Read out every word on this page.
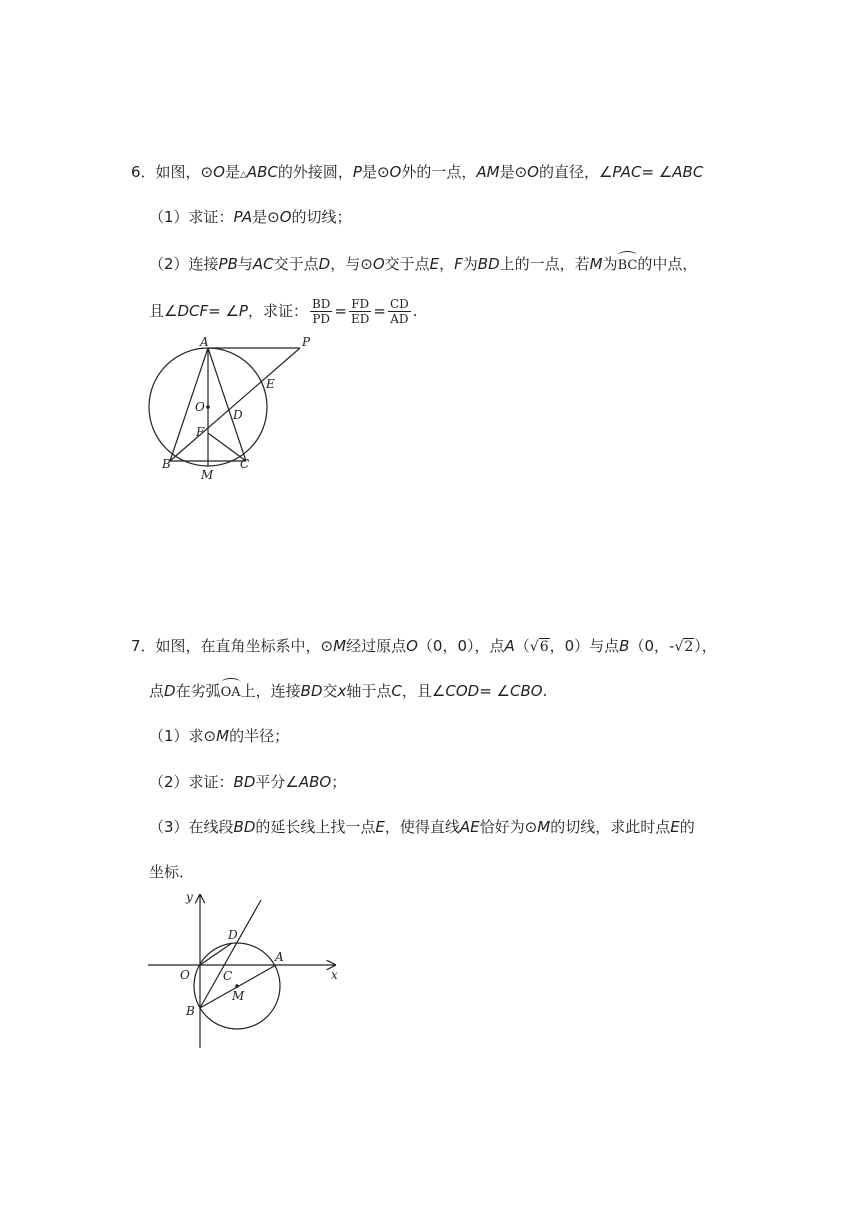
6．如图，⊙O是△ABC的外接圆，P是⊙O外的一点，AM是⊙O的直径，∠PAC= ∠ABC
（1）求证：PA是⊙O的切线；
（2）连接PB与AC交于点D，与⊙O交于点E，F为BD上的一点，若M为BC的中点，
且∠DCF= ∠P，求证： $\frac{BD}{PD} = \frac{FD}{ED} = \frac{CD}{AD}$ .
A	P
E
O
D
F
B	C
M
7．如图，在直角坐标系中，⊙M经过原点O（0，0），点A（√6，0）与点B（0，-√2），
点D在劣弧OA上，连接BD交x轴于点C，且∠COD= ∠CBO.
（1）求⊙M的半径；
（2）求证：BD平分∠ABO；
（3）在线段BD的延长线上找一点E，使得直线AE恰好为⊙M的切线，求此时点E的
坐标．
y
x
D
A
O	C
M
B
